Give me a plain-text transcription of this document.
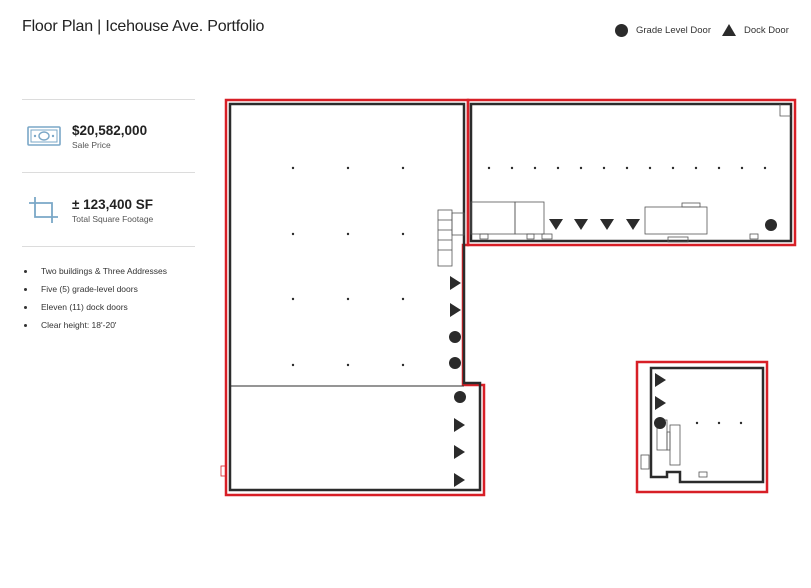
Floor Plan | Icehouse Ave. Portfolio	Grade Level Door	Dock Door
$20,582,000
Sale Price
± 123,400 SF
Total Square Footage
Two buildings & Three Addresses
Five (5) grade-level doors
Eleven (11) dock doors
Clear height: 18'-20'
